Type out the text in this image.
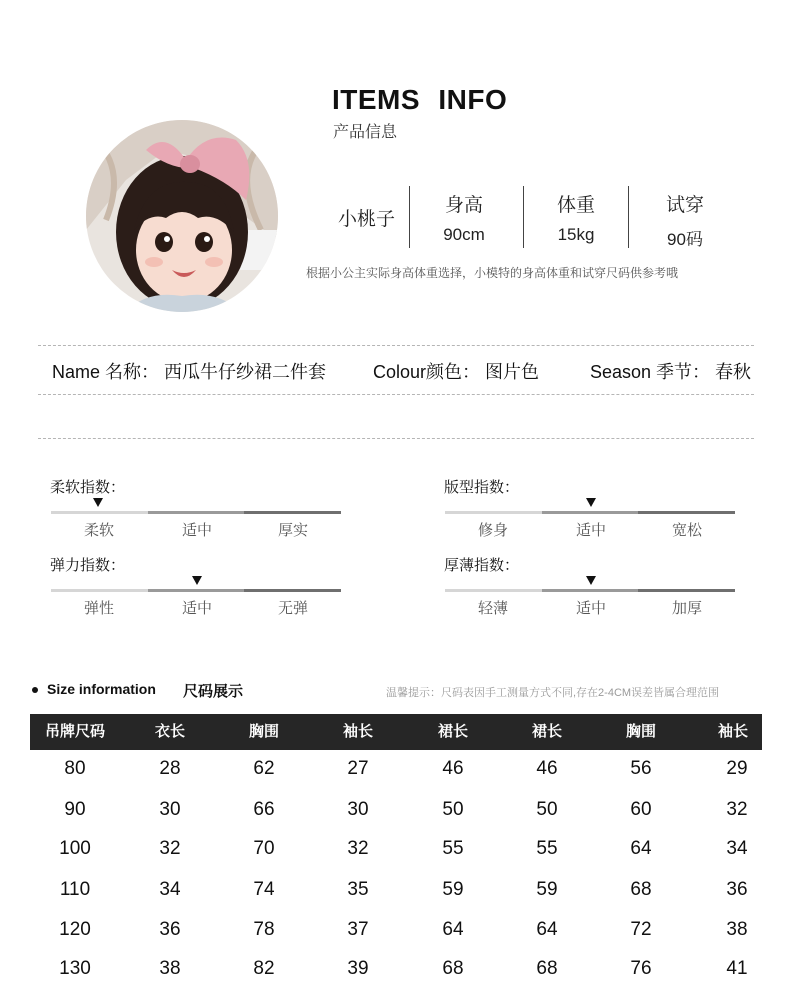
ITEMS INFO
产品信息
小桃子
身高
90cm
体重
15kg
试穿
90码
根据小公主实际身高体重选择，小模特的身高体重和试穿尺码供参考哦
Name 名称： 西瓜牛仔纱裙二件套	Colour颜色： 图片色	Season 季节： 春秋
柔软指数：
柔软	适中	厚实
版型指数：
修身	适中	宽松
弹力指数：
弹性	适中	无弹
厚薄指数：
轻薄	适中	加厚
Size information 尺码展示	温馨提示：尺码表因手工测量方式不同,存在2-4CM误差皆属合理范围
吊牌尺码	衣长	胸围	袖长	裙长	裙长	胸围	袖长
80	28	62	27	46	46	56	29
90	30	66	30	50	50	60	32
100	32	70	32	55	55	64	34
110	34	74	35	59	59	68	36
120	36	78	37	64	64	72	38
130	38	82	39	68	68	76	41
